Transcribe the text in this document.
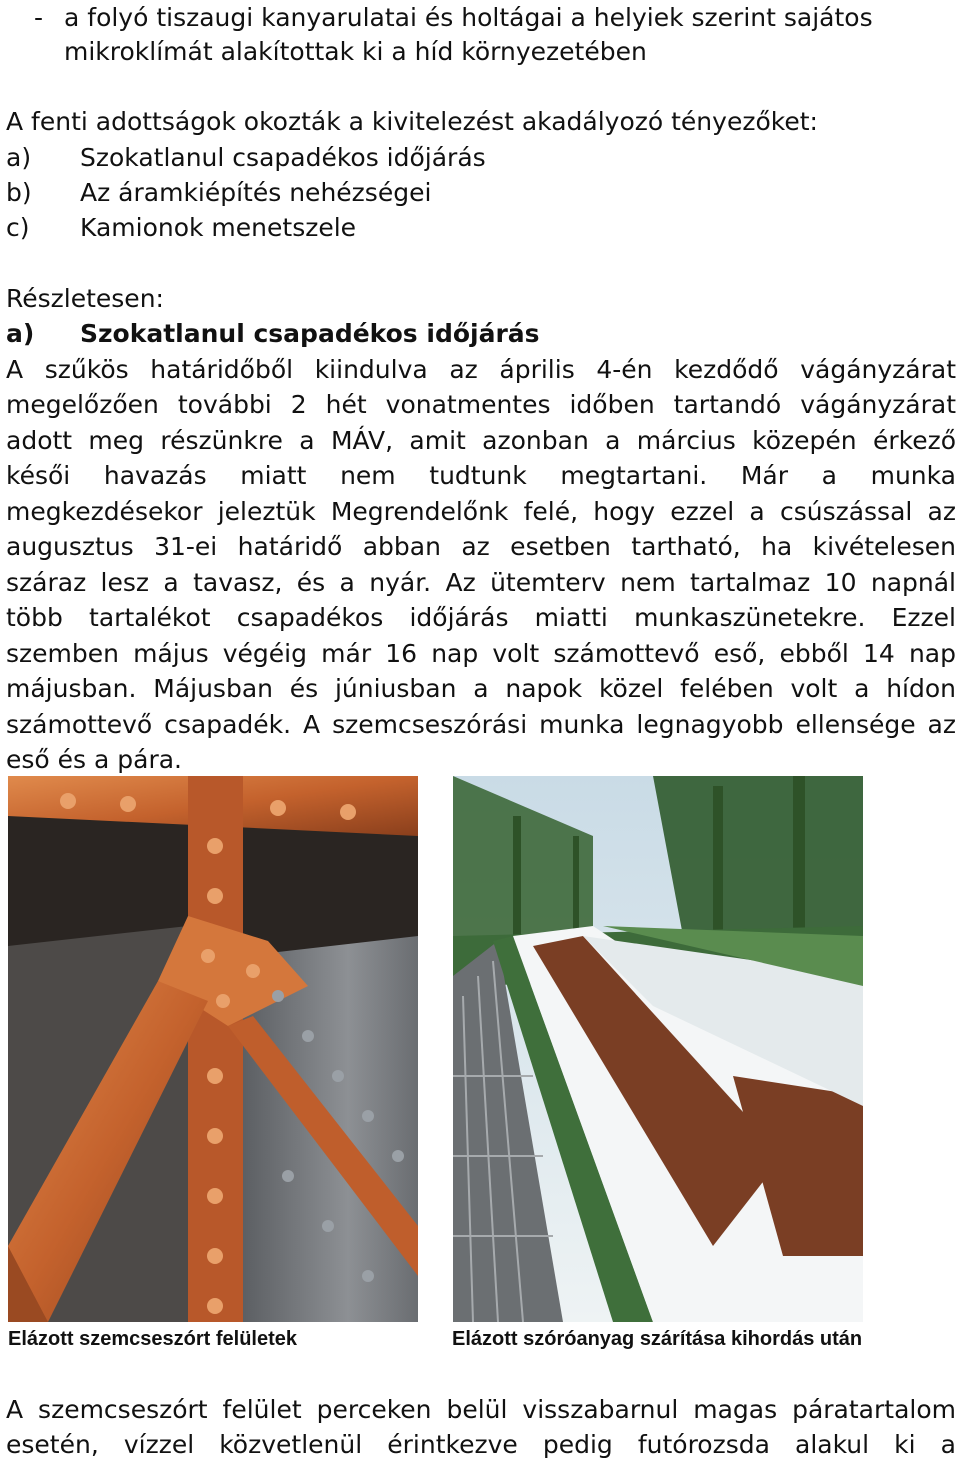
- a folyó tiszaugi kanyarulatai és holtágai a helyiek szerint sajátos
mikroklímát alakítottak ki a híd környezetében
A fenti adottságok okozták a kivitelezést akadályozó tényezőket:
a) Szokatlanul csapadékos időjárás
b) Az áramkiépítés nehézségei
c) Kamionok menetszele
Részletesen:
a) Szokatlanul csapadékos időjárás
A szűkös határidőből kiindulva az április 4-én kezdődő vágányzárat
megelőzően további 2 hét vonatmentes időben tartandó vágányzárat
adott meg részünkre a MÁV, amit azonban a március közepén érkező
késői havazás miatt nem tudtunk megtartani. Már a munka
megkezdésekor jeleztük Megrendelőnk felé, hogy ezzel a csúszással az
augusztus 31-ei határidő abban az esetben tartható, ha kivételesen
száraz lesz a tavasz, és a nyár. Az ütemterv nem tartalmaz 10 napnál
több tartalékot csapadékos időjárás miatti munkaszünetekre. Ezzel
szemben május végéig már 16 nap volt számottevő eső, ebből 14 nap
májusban. Májusban és júniusban a napok közel felében volt a hídon
számottevő csapadék. A szemcseszórási munka legnagyobb ellensége az
eső és a pára.
Elázott szemcseszórt felületek	Elázott szóróanyag szárítása kihordás után
A szemcseszórt felület perceken belül visszabarnul magas páratartalom
esetén, vízzel közvetlenül érintkezve pedig futórozsda alakul ki a
